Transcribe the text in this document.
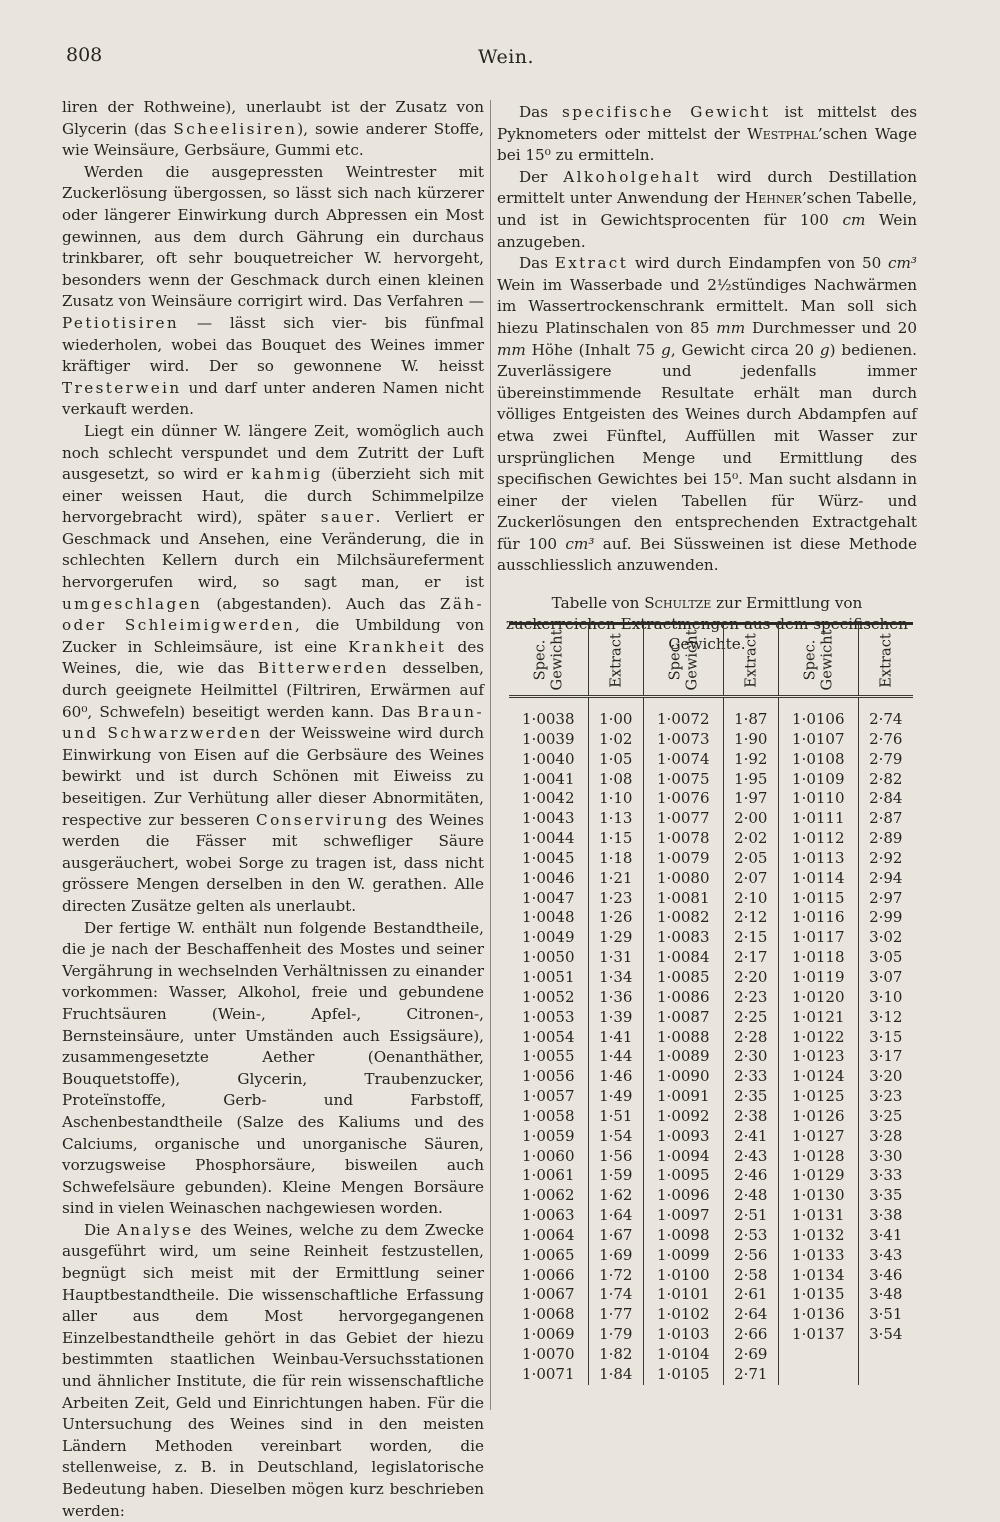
808	Wein.

liren der Rothweine), unerlaubt ist der Zusatz von Glycerin (das Scheelisiren), sowie anderer Stoffe, wie Weinsäure, Gerbsäure, Gummi etc.

Werden die ausgepressten Weintrester mit Zuckerlösung übergossen, so lässt sich nach kürzerer oder längerer Einwirkung durch Abpressen ein Most gewinnen, aus dem durch Gährung ein durchaus trinkbarer, oft sehr bouquetreicher W. hervorgeht, besonders wenn der Geschmack durch einen kleinen Zusatz von Weinsäure corrigirt wird. Das Verfahren — Petiotisiren — lässt sich vier- bis fünfmal wiederholen, wobei das Bouquet des Weines immer kräftiger wird. Der so gewonnene W. heisst Tresterwein und darf unter anderen Namen nicht verkauft werden.

Liegt ein dünner W. längere Zeit, womöglich auch noch schlecht verspundet und dem Zutritt der Luft ausgesetzt, so wird er kahmig (überzieht sich mit einer weissen Haut, die durch Schimmelpilze hervorgebracht wird), später sauer. Verliert er Geschmack und Ansehen, eine Veränderung, die in schlechten Kellern durch ein Milchsäureferment hervorgerufen wird, so sagt man, er ist umgeschlagen (abgestanden). Auch das Zäh- oder Schleimigwerden, die Umbildung von Zucker in Schleimsäure, ist eine Krankheit des Weines, die, wie das Bitterwerden desselben, durch geeignete Heilmittel (Filtriren, Erwärmen auf 60⁰, Schwefeln) beseitigt werden kann. Das Braun- und Schwarzwerden der Weissweine wird durch Einwirkung von Eisen auf die Gerbsäure des Weines bewirkt und ist durch Schönen mit Eiweiss zu beseitigen. Zur Verhütung aller dieser Abnormitäten, respective zur besseren Conservirung des Weines werden die Fässer mit schwefliger Säure ausgeräuchert, wobei Sorge zu tragen ist, dass nicht grössere Mengen derselben in den W. gerathen. Alle directen Zusätze gelten als unerlaubt.

Der fertige W. enthält nun folgende Bestandtheile, die je nach der Beschaffenheit des Mostes und seiner Vergährung in wechselnden Verhältnissen zu einander vorkommen: Wasser, Alkohol, freie und gebundene Fruchtsäuren (Wein-, Apfel-, Citronen-, Bernsteinsäure, unter Umständen auch Essigsäure), zusammengesetzte Aether (Oenanthäther, Bouquetstoffe), Glycerin, Traubenzucker, Proteïnstoffe, Gerb- und Farbstoff, Aschenbestandtheile (Salze des Kaliums und des Calciums, organische und unorganische Säuren, vorzugsweise Phosphorsäure, bisweilen auch Schwefelsäure gebunden). Kleine Mengen Borsäure sind in vielen Weinaschen nachgewiesen worden.

Die Analyse des Weines, welche zu dem Zwecke ausgeführt wird, um seine Reinheit festzustellen, begnügt sich meist mit der Ermittlung seiner Hauptbestandtheile. Die wissenschaftliche Erfassung aller aus dem Most hervorgegangenen Einzelbestandtheile gehört in das Gebiet der hiezu bestimmten staatlichen Weinbau-Versuchsstationen und ähnlicher Institute, die für rein wissenschaftliche Arbeiten Zeit, Geld und Einrichtungen haben. Für die Untersuchung des Weines sind in den meisten Ländern Methoden vereinbart worden, die stellenweise, z. B. in Deutschland, legislatorische Bedeutung haben. Dieselben mögen kurz beschrieben werden:

Das specifische Gewicht ist mittelst des Pyknometers oder mittelst der Westphal’schen Wage bei 15⁰ zu ermitteln.

Der Alkoholgehalt wird durch Destillation ermittelt unter Anwendung der Hehner’schen Tabelle, und ist in Gewichtsprocenten für 100 cm Wein anzugeben.

Das Extract wird durch Eindampfen von 50 cm³ Wein im Wasserbade und 2½stündiges Nachwärmen im Wassertrockenschrank ermittelt. Man soll sich hiezu Platinschalen von 85 mm Durchmesser und 20 mm Höhe (Inhalt 75 g, Gewicht circa 20 g) bedienen. Zuverlässigere und jedenfalls immer übereinstimmende Resultate erhält man durch völliges Entgeisten des Weines durch Abdampfen auf etwa zwei Fünftel, Auffüllen mit Wasser zur ursprünglichen Menge und Ermittlung des specifischen Gewichtes bei 15⁰. Man sucht alsdann in einer der vielen Tabellen für Würz- und Zuckerlösungen den entsprechenden Extractgehalt für 100 cm³ auf. Bei Süssweinen ist diese Methode ausschliesslich anzuwenden.

Tabelle von Schultze zur Ermittlung von zuckerreichen Extractmengen aus dem specifischen Gewichte.
Spec.
Gewicht	Extract	Spec.
Gewicht	Extract	Spec.
Gewicht	Extract
1·0038	1·00	1·0072	1·87	1·0106	2·74
1·0039	1·02	1·0073	1·90	1·0107	2·76
1·0040	1·05	1·0074	1·92	1·0108	2·79
1·0041	1·08	1·0075	1·95	1·0109	2·82
1·0042	1·10	1·0076	1·97	1·0110	2·84
1·0043	1·13	1·0077	2·00	1·0111	2·87
1·0044	1·15	1·0078	2·02	1·0112	2·89
1·0045	1·18	1·0079	2·05	1·0113	2·92
1·0046	1·21	1·0080	2·07	1·0114	2·94
1·0047	1·23	1·0081	2·10	1·0115	2·97
1·0048	1·26	1·0082	2·12	1·0116	2·99
1·0049	1·29	1·0083	2·15	1·0117	3·02
1·0050	1·31	1·0084	2·17	1·0118	3·05
1·0051	1·34	1·0085	2·20	1·0119	3·07
1·0052	1·36	1·0086	2·23	1·0120	3·10
1·0053	1·39	1·0087	2·25	1·0121	3·12
1·0054	1·41	1·0088	2·28	1·0122	3·15
1·0055	1·44	1·0089	2·30	1·0123	3·17
1·0056	1·46	1·0090	2·33	1·0124	3·20
1·0057	1·49	1·0091	2·35	1·0125	3·23
1·0058	1·51	1·0092	2·38	1·0126	3·25
1·0059	1·54	1·0093	2·41	1·0127	3·28
1·0060	1·56	1·0094	2·43	1·0128	3·30
1·0061	1·59	1·0095	2·46	1·0129	3·33
1·0062	1·62	1·0096	2·48	1·0130	3·35
1·0063	1·64	1·0097	2·51	1·0131	3·38
1·0064	1·67	1·0098	2·53	1·0132	3·41
1·0065	1·69	1·0099	2·56	1·0133	3·43
1·0066	1·72	1·0100	2·58	1·0134	3·46
1·0067	1·74	1·0101	2·61	1·0135	3·48
1·0068	1·77	1·0102	2·64	1·0136	3·51
1·0069	1·79	1·0103	2·66	1·0137	3·54
1·0070	1·82	1·0104	2·69		
1·0071	1·84	1·0105	2·71		
